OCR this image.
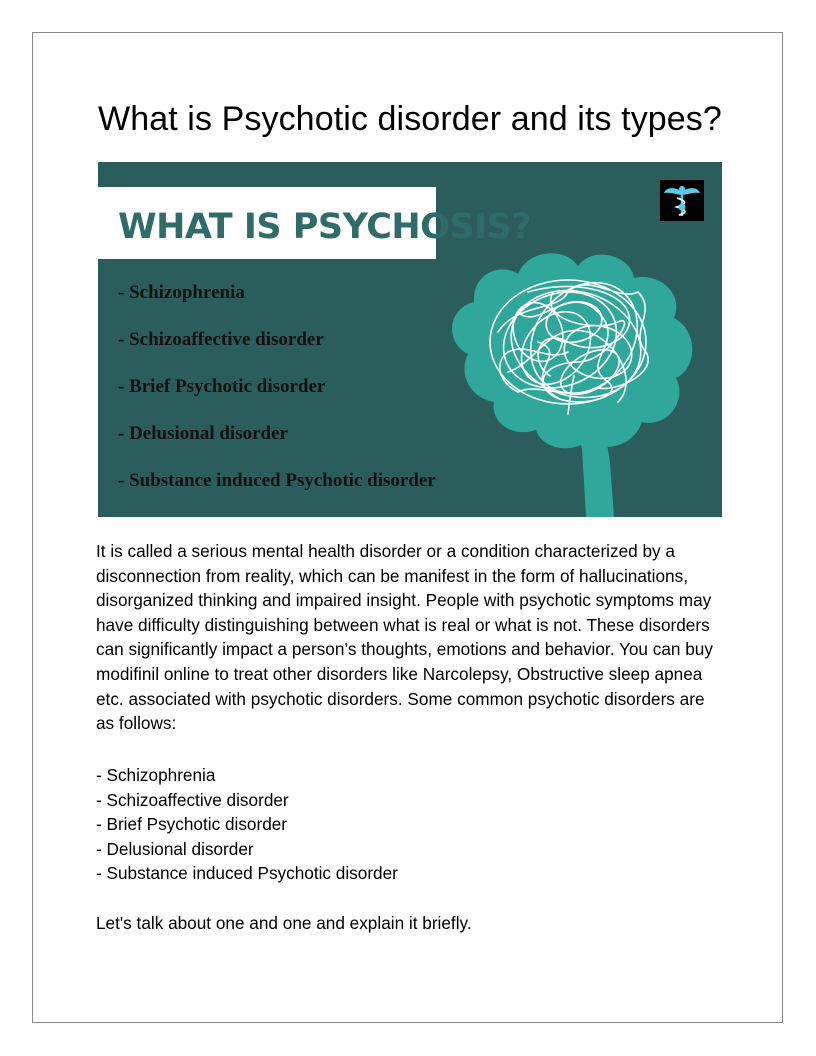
What is Psychotic disorder and its types?
WHAT IS PSYCHOSIS?
- Schizophrenia
- Schizoaffective disorder
- Brief Psychotic disorder
- Delusional disorder
- Substance induced Psychotic disorder

It is called a serious mental health disorder or a condition characterized by a disconnection from reality, which can be manifest in the form of hallucinations, disorganized thinking and impaired insight. People with psychotic symptoms may have difficulty distinguishing between what is real or what is not. These disorders can significantly impact a person’s thoughts, emotions and behavior. You can buy modifinil online to treat other disorders like Narcolepsy, Obstructive sleep apnea etc. associated with psychotic disorders. Some common psychotic disorders are as follows:

- Schizophrenia
- Schizoaffective disorder
- Brief Psychotic disorder
- Delusional disorder
- Substance induced Psychotic disorder

Let's talk about one and one and explain it briefly.
